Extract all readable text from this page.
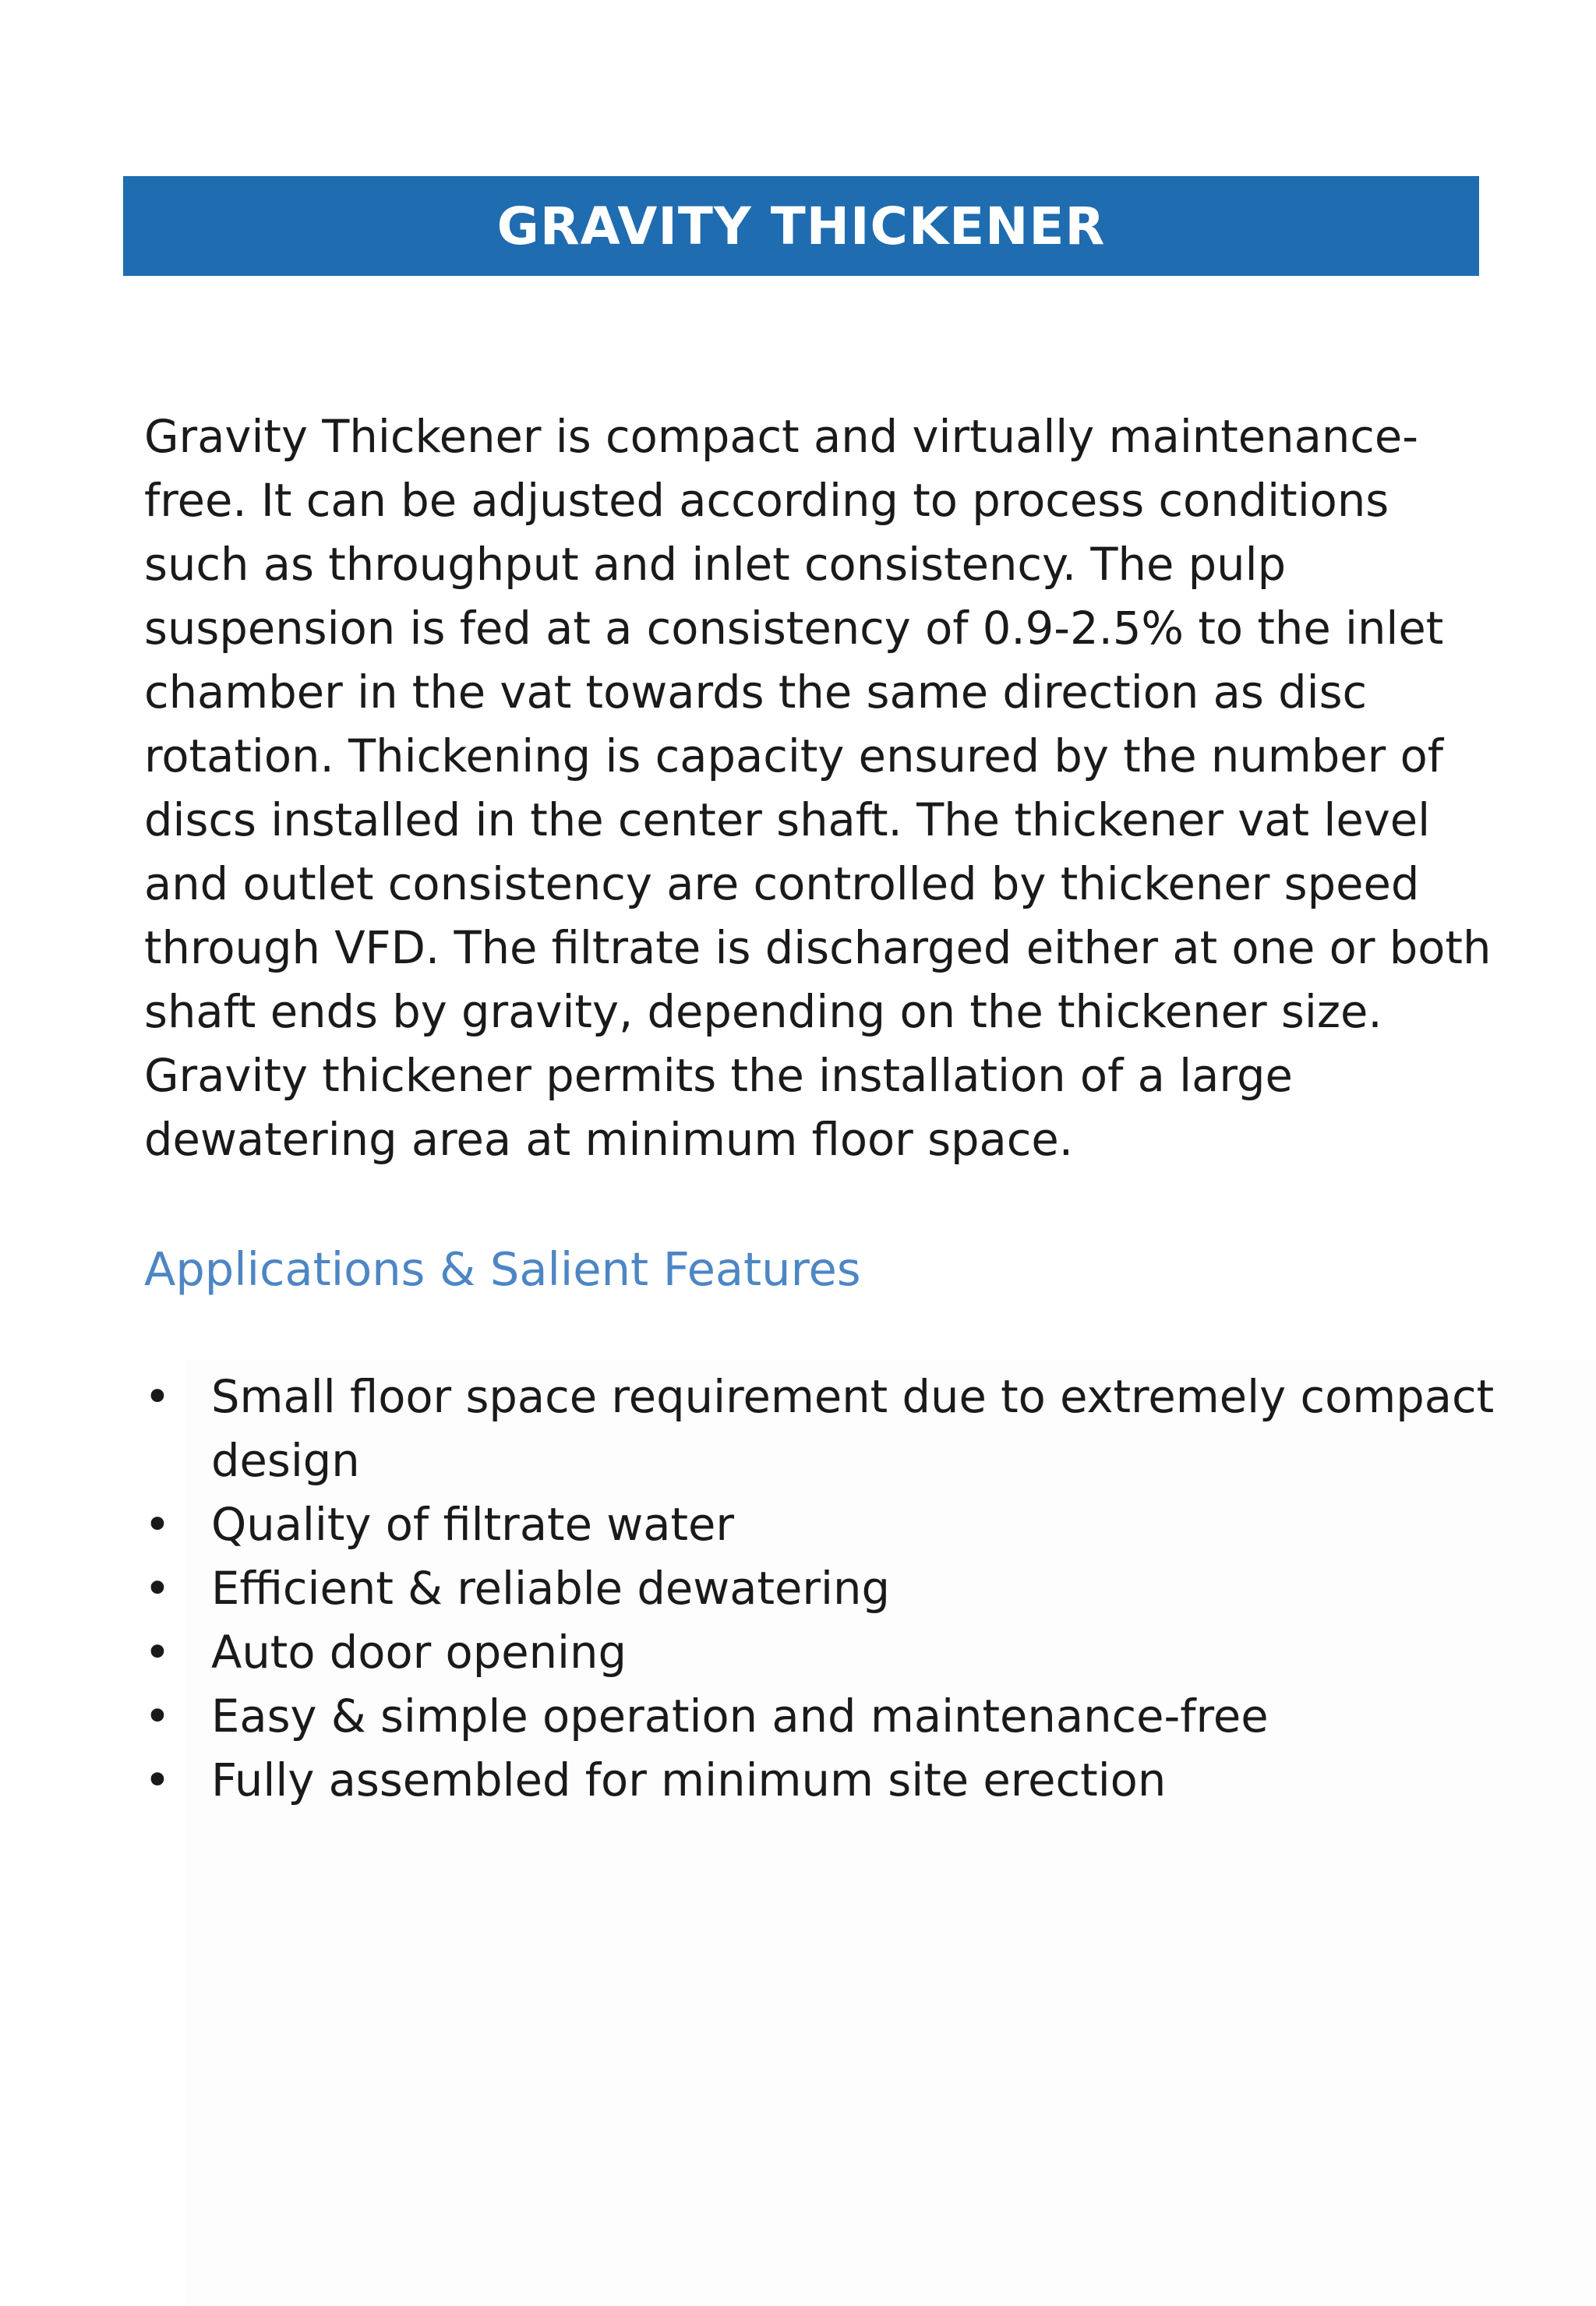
GRAVITY THICKENER

Gravity Thickener is compact and virtually maintenance-free. It can be adjusted according to process conditions such as throughput and inlet consistency. The pulp suspension is fed at a consistency of 0.9-2.5% to the inlet chamber in the vat towards the same direction as disc rotation. Thickening is capacity ensured by the number of discs installed in the center shaft. The thickener vat level and outlet consistency are controlled by thickener speed through VFD. The filtrate is discharged either at one or both shaft ends by gravity, depending on the thickener size. Gravity thickener permits the installation of a large dewatering area at minimum floor space.

Applications & Salient Features
• Small floor space requirement due to extremely compact design
• Quality of filtrate water
• Efficient & reliable dewatering
• Auto door opening
• Easy & simple operation and maintenance-free
• Fully assembled for minimum site erection
